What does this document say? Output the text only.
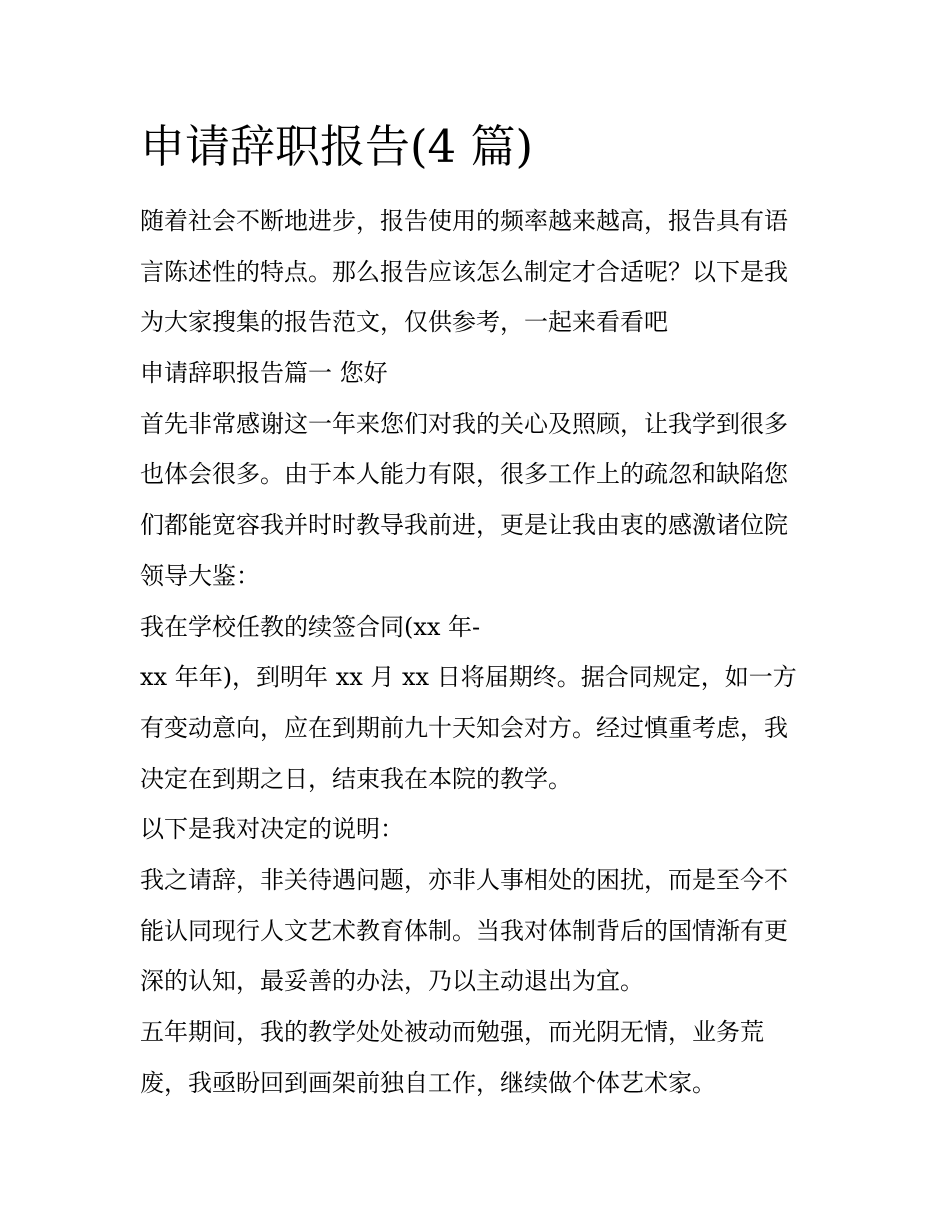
申请辞职报告(4 篇)
随着社会不断地进步，报告使用的频率越来越高，报告具有语
言陈述性的特点。那么报告应该怎么制定才合适呢？以下是我
为大家搜集的报告范文，仅供参考，一起来看看吧
申请辞职报告篇一 您好
首先非常感谢这一年来您们对我的关心及照顾，让我学到很多
也体会很多。由于本人能力有限，很多工作上的疏忽和缺陷您
们都能宽容我并时时教导我前进，更是让我由衷的感激诸位院
领导大鉴：
我在学校任教的续签合同(xx 年-
xx 年年)，到明年 xx 月 xx 日将届期终。据合同规定，如一方
有变动意向，应在到期前九十天知会对方。经过慎重考虑，我
决定在到期之日，结束我在本院的教学。
以下是我对决定的说明：
我之请辞，非关待遇问题，亦非人事相处的困扰，而是至今不
能认同现行人文艺术教育体制。当我对体制背后的国情渐有更
深的认知，最妥善的办法，乃以主动退出为宜。
五年期间，我的教学处处被动而勉强，而光阴无情，业务荒
废，我亟盼回到画架前独自工作，继续做个体艺术家。
